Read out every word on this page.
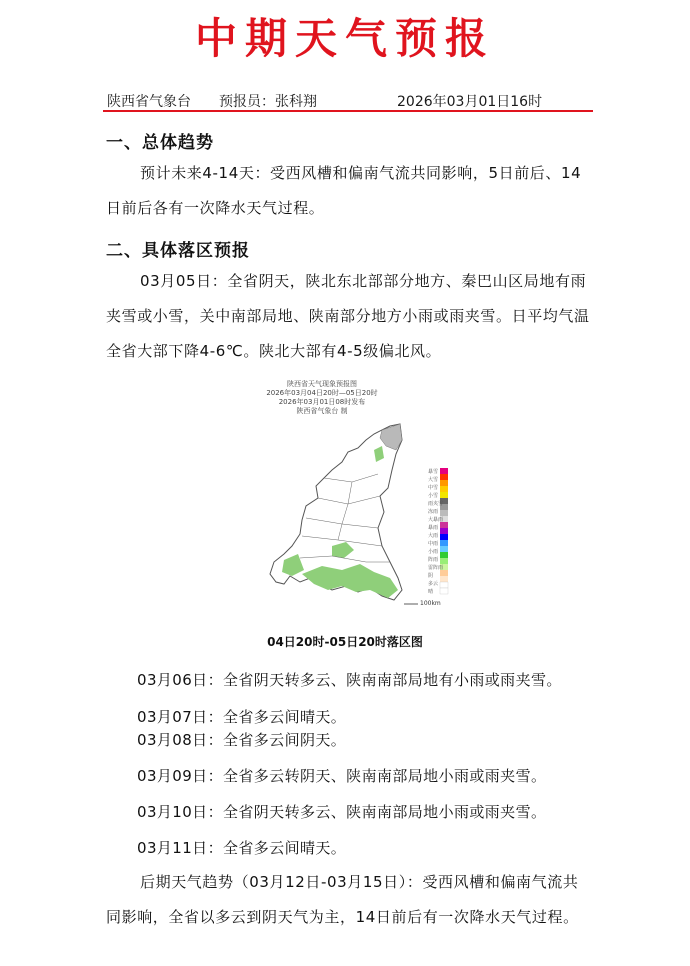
中期天气预报
陕西省气象台 预报员：张科翔	2026年03月01日16时
一、总体趋势
预计未来4-14天：受西风槽和偏南气流共同影响，5日前后、14日前后各有一次降水天气过程。
二、具体落区预报
03月05日：全省阴天，陕北东北部部分地方、秦巴山区局地有雨夹雪或小雪，关中南部局地、陕南部分地方小雨或雨夹雪。日平均气温全省大部下降4-6℃。陕北大部有4-5级偏北风。
陕西省天气现象预报图
2026年03月04日20时—05日20时
2026年03月01日08时发布
陕西省气象台 制
暴雪
大雪
中雪
小雪
雨夹雪
冻雨
大暴雨
暴雨
大雨
中雨
小雨
阵雨
雷阵雨
阴
多云
晴
100km
04日20时-05日20时落区图
03月06日：全省阴天转多云、陕南南部局地有小雨或雨夹雪。
03月07日：全省多云间晴天。
03月08日：全省多云间阴天。
03月09日：全省多云转阴天、陕南南部局地小雨或雨夹雪。
03月10日：全省阴天转多云、陕南南部局地小雨或雨夹雪。
03月11日：全省多云间晴天。
后期天气趋势（03月12日-03月15日）：受西风槽和偏南气流共同影响，全省以多云到阴天气为主，14日前后有一次降水天气过程。
